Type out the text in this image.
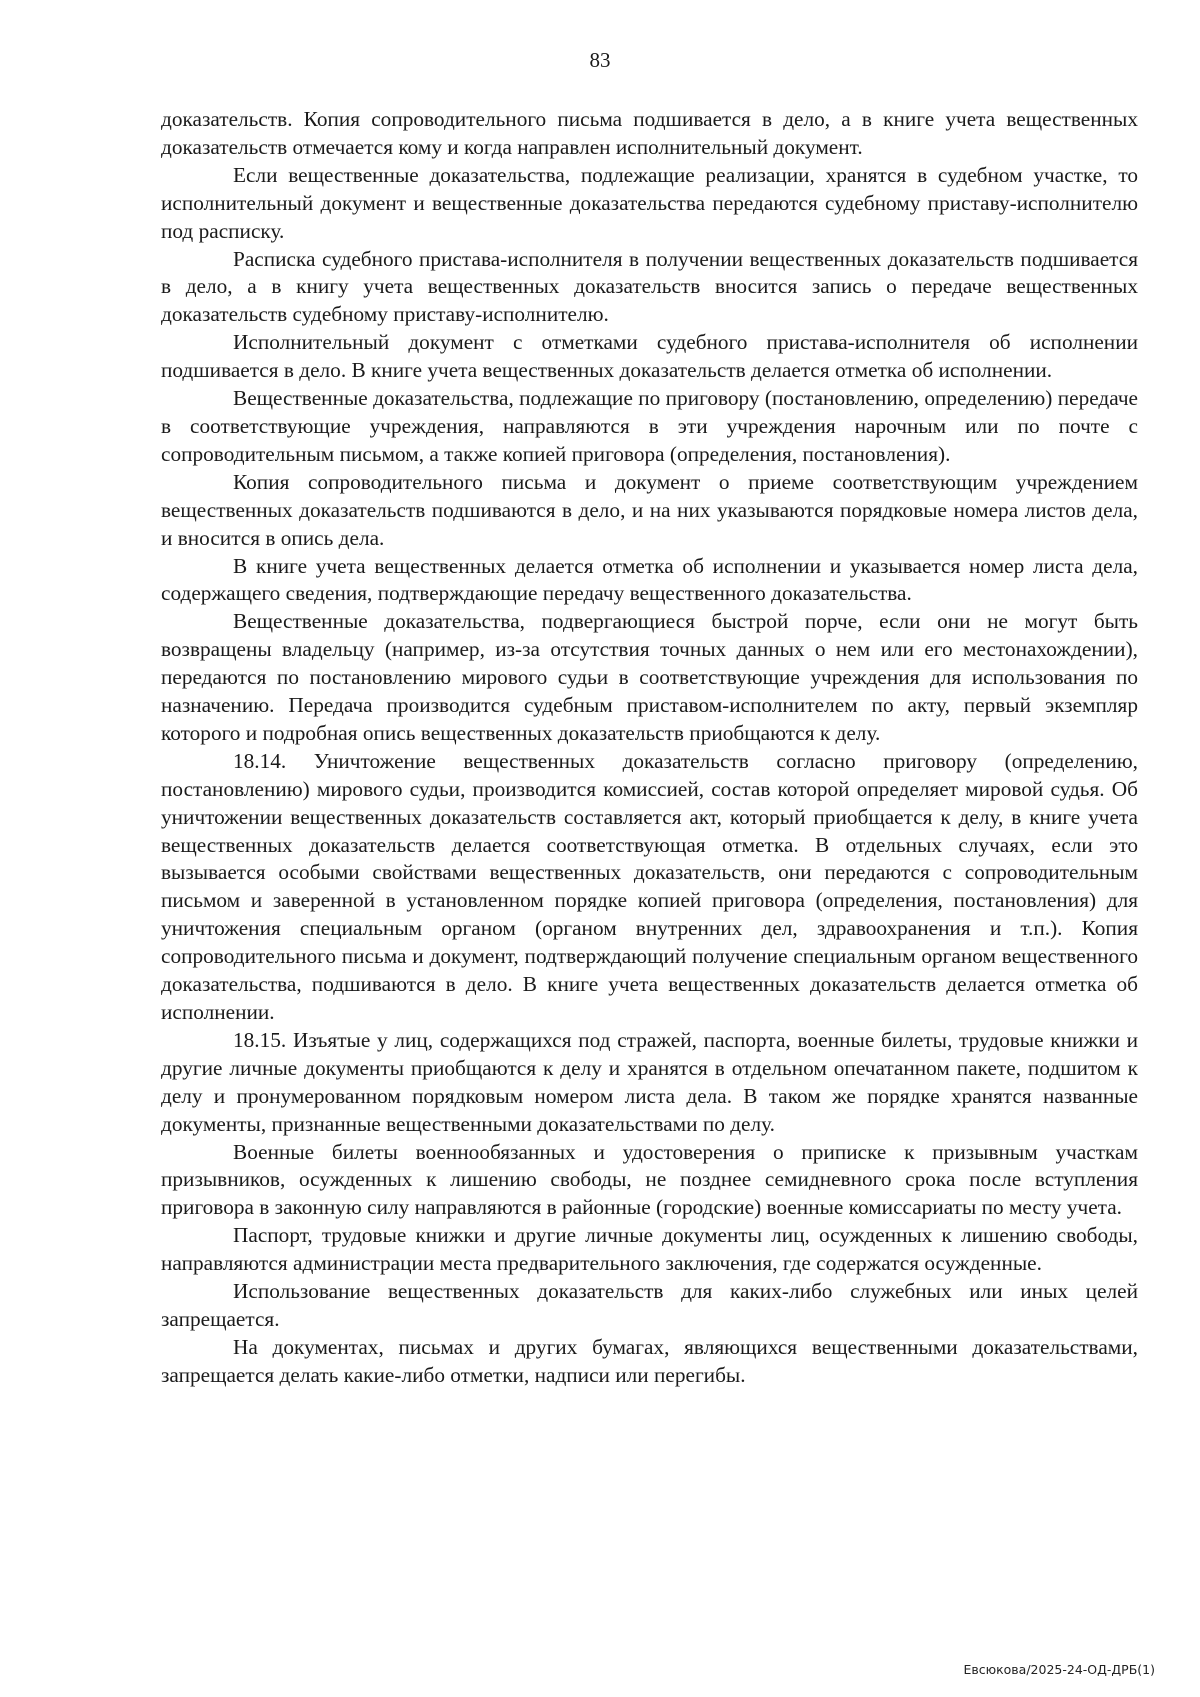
83

доказательств. Копия сопроводительного письма подшивается в дело, а в книге учета вещественных доказательств отмечается кому и когда направлен исполнительный документ.

Если вещественные доказательства, подлежащие реализации, хранятся в судебном участке, то исполнительный документ и вещественные доказательства передаются судебному приставу-исполнителю под расписку.

Расписка судебного пристава-исполнителя в получении вещественных доказательств подшивается в дело, а в книгу учета вещественных доказательств вносится запись о передаче вещественных доказательств судебному приставу-исполнителю.

Исполнительный документ с отметками судебного пристава-исполнителя об исполнении подшивается в дело. В книге учета вещественных доказательств делается отметка об исполнении.

Вещественные доказательства, подлежащие по приговору (постановлению, определению) передаче в соответствующие учреждения, направляются в эти учреждения нарочным или по почте с сопроводительным письмом, а также копией приговора (определения, постановления).

Копия сопроводительного письма и документ о приеме соответствующим учреждением вещественных доказательств подшиваются в дело, и на них указываются порядковые номера листов дела, и вносится в опись дела.

В книге учета вещественных делается отметка об исполнении и указывается номер листа дела, содержащего сведения, подтверждающие передачу вещественного доказательства.

Вещественные доказательства, подвергающиеся быстрой порче, если они не могут быть возвращены владельцу (например, из-за отсутствия точных данных о нем или его местонахождении), передаются по постановлению мирового судьи в соответствующие учреждения для использования по назначению. Передача производится судебным приставом-исполнителем по акту, первый экземпляр которого и подробная опись вещественных доказательств приобщаются к делу.

18.14. Уничтожение вещественных доказательств согласно приговору (определению, постановлению) мирового судьи, производится комиссией, состав которой определяет мировой судья. Об уничтожении вещественных доказательств составляется акт, который приобщается к делу, в книге учета вещественных доказательств делается соответствующая отметка. В отдельных случаях, если это вызывается особыми свойствами вещественных доказательств, они передаются с сопроводительным письмом и заверенной в установленном порядке копией приговора (определения, постановления) для уничтожения специальным органом (органом внутренних дел, здравоохранения и т.п.). Копия сопроводительного письма и документ, подтверждающий получение специальным органом вещественного доказательства, подшиваются в дело. В книге учета вещественных доказательств делается отметка об исполнении.

18.15. Изъятые у лиц, содержащихся под стражей, паспорта, военные билеты, трудовые книжки и другие личные документы приобщаются к делу и хранятся в отдельном опечатанном пакете, подшитом к делу и пронумерованном порядковым номером листа дела. В таком же порядке хранятся названные документы, признанные вещественными доказательствами по делу.

Военные билеты военнообязанных и удостоверения о приписке к призывным участкам призывников, осужденных к лишению свободы, не позднее семидневного срока после вступления приговора в законную силу направляются в районные (городские) военные комиссариаты по месту учета.

Паспорт, трудовые книжки и другие личные документы лиц, осужденных к лишению свободы, направляются администрации места предварительного заключения, где содержатся осужденные.

Использование вещественных доказательств для каких-либо служебных или иных целей запрещается.

На документах, письмах и других бумагах, являющихся вещественными доказательствами, запрещается делать какие-либо отметки, надписи или перегибы.

Евсюкова/2025-24-ОД-ДРБ(1)
